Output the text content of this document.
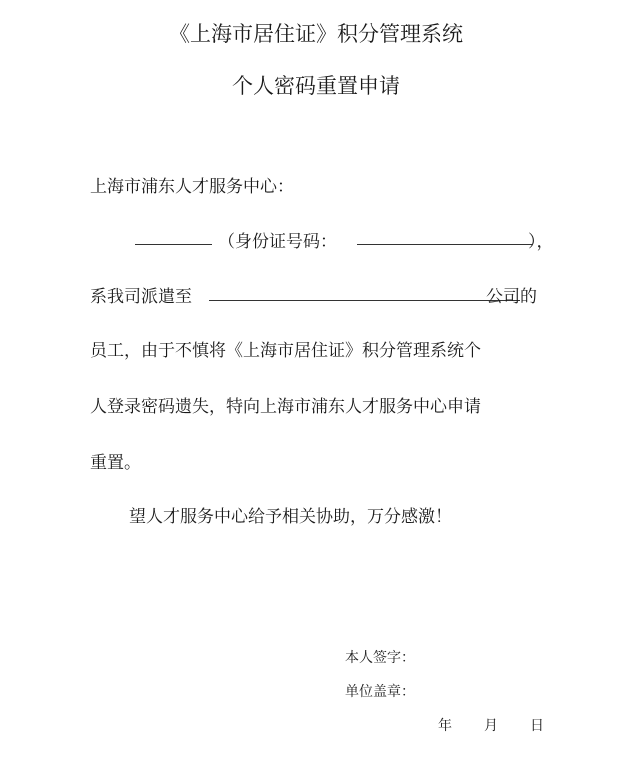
《上海市居住证》积分管理系统
个人密码重置申请
上海市浦东人才服务中心：
（身份证号码：	），
系我司派遣至	公司的
员工，由于不慎将《上海市居住证》积分管理系统个
人登录密码遗失，特向上海市浦东人才服务中心申请
重置。
望人才服务中心给予相关协助，万分感激！
本人签字：
单位盖章：
年 月 日
